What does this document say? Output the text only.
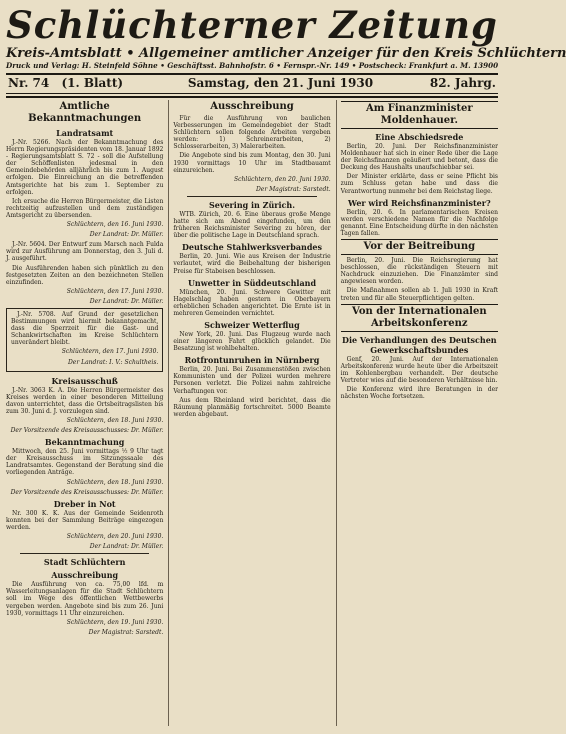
Schlüchterner Zeitung
Kreis-Amtsblatt • Allgemeiner amtlicher Anzeiger für den Kreis Schlüchtern
Druck und Verlag: H. Steinfeld Söhne • Geschäftsst. Bahnhofstr. 6 • Fernspr.-Nr. 149 • Postscheck: Frankfurt a. M. 13900
Nr. 74 (1. Blatt)	Samstag, den 21. Juni 1930	82. Jahrg.
Amtliche Bekanntmachungen
Landratsamt

J.-Nr. 5266. Nach der Bekanntmachung des Herrn Regierungspräsidenten vom 18. Januar 1892 - Regierungsamtsblatt S. 72 - soll die Aufstellung der Schöffenlisten jedesmal in den Gemeindebehörden alljährlich bis zum 1. August erfolgen. Die Einreichung an die betreffenden Amtsgerichte hat bis zum 1. September zu erfolgen.

Ich ersuche die Herren Bürgermeister, die Listen rechtzeitig aufzustellen und dem zuständigen Amtsgericht zu übersenden.

Schlüchtern, den 16. Juni 1930.
Der Landrat: Dr. Müller.

J.-Nr. 5604. Der Entwurf zum Marsch nach Fulda wird zur Ausführung am Donnerstag, den 3. Juli d. J. ausgeführt.

Die Ausführenden haben sich pünktlich zu den festgesetzten Zeiten an den bezeichneten Stellen einzufinden.

Schlüchtern, den 17. Juni 1930.
Der Landrat: Dr. Müller.

J.-Nr. 5708. Auf Grund der gesetzlichen Bestimmungen wird hiermit bekanntgemacht, dass die Sperrzeit für die Gast- und Schankwirtschaften im Kreise Schlüchtern unverändert bleibt.

Schlüchtern, den 17. Juni 1930.
Der Landrat: I. V.: Schultheis.
Kreisausschuß

J.-Nr. 3063 K. A. Die Herren Bürgermeister des Kreises werden in einer besonderen Mitteilung davon unterrichtet, dass die Ortsbeitragslisten bis zum 30. Juni d. J. vorzulegen sind.

Schlüchtern, den 18. Juni 1930.
Der Vorsitzende des Kreisausschusses: Dr. Müller.
Bekanntmachung

Mittwoch, den 25. Juni vormittags ½ 9 Uhr tagt der Kreisausschuss im Sitzungssaale des Landratsamtes. Gegenstand der Beratung sind die vorliegenden Anträge.

Schlüchtern, den 18. Juni 1930.
Der Vorsitzende des Kreisausschusses: Dr. Müller.
Dreber in Not

Nr. 300 K. K. Aus der Gemeinde Seidenroth konnten bei der Sammlung Beiträge eingezogen werden.

Schlüchtern, den 20. Juni 1930.
Der Landrat: Dr. Müller.
Stadt Schlüchtern
Ausschreibung

Die Ausführung von ca. 75,00 lfd. m Wasserleitungsanlagen für die Stadt Schlüchtern soll im Wege des öffentlichen Wettbewerbs vergeben werden. Angebote sind bis zum 26. Juni 1930, vormittags 11 Uhr einzureichen.

Schlüchtern, den 19. Juni 1930.
Der Magistrat: Sarstedt.
Ausschreibung

Für die Ausführung von baulichen Verbesserungen im Gemeindegebiet der Stadt Schlüchtern sollen folgende Arbeiten vergeben werden: 1) Schreinerarbeiten, 2) Schlosserarbeiten, 3) Malerarbeiten.

Die Angebote sind bis zum Montag, den 30. Juni 1930 vormittags 10 Uhr im Stadtbauamt einzureichen.

Schlüchtern, den 20. Juni 1930.
Der Magistrat: Sarstedt.
Severing in Zürich.

WTB. Zürich, 20. 6. Eine überaus große Menge hatte sich am Abend eingefunden, um den früheren Reichsminister Severing zu hören, der über die politische Lage in Deutschland sprach.

Deutsche Stahlwerksverbandes

Berlin, 20. Juni. Wie aus Kreisen der Industrie verlautet, wird die Beibehaltung der bisherigen Preise für Stabeisen beschlossen.

Unwetter in Süddeutschland

München, 20. Juni. Schwere Gewitter mit Hagelschlag haben gestern in Oberbayern erheblichen Schaden angerichtet. Die Ernte ist in mehreren Gemeinden vernichtet.

Schweizer Wetterflug

New York, 20. Juni. Das Flugzeug wurde nach einer längeren Fahrt glücklich gelandet. Die Besatzung ist wohlbehalten.

Rotfrontunruhen in Nürnberg

Berlin, 20. Juni. Bei Zusammenstößen zwischen Kommunisten und der Polizei wurden mehrere Personen verletzt. Die Polizei nahm zahlreiche Verhaftungen vor.

Aus dem Rheinland wird berichtet, dass die Räumung planmäßig fortschreitet. 5000 Beamte werden abgebaut.

Am Finanzminister Moldenhauer.
Eine Abschiedsrede

Berlin, 20. Juni. Der Reichsfinanzminister Moldenhauer hat sich in einer Rede über die Lage der Reichsfinanzen geäußert und betont, dass die Deckung des Haushalts unaufschiebbar sei.

Der Minister erklärte, dass er seine Pflicht bis zum Schluss getan habe und dass die Verantwortung nunmehr bei dem Reichstag liege.

Wer wird Reichsfinanzminister?

Berlin, 20. 6. In parlamentarischen Kreisen werden verschiedene Namen für die Nachfolge genannt. Eine Entscheidung dürfte in den nächsten Tagen fallen.

Vor der Beitreibung

Berlin, 20. Juni. Die Reichsregierung hat beschlossen, die rückständigen Steuern mit Nachdruck einzuziehen. Die Finanzämter sind angewiesen worden.

Die Maßnahmen sollen ab 1. Juli 1930 in Kraft treten und für alle Steuerpflichtigen gelten.

Von der Internationalen Arbeitskonferenz
Die Verhandlungen des Deutschen Gewerkschaftsbundes

Genf, 20. Juni. Auf der Internationalen Arbeitskonferenz wurde heute über die Arbeitszeit im Kohlenbergbau verhandelt. Der deutsche Vertreter wies auf die besonderen Verhältnisse hin.

Die Konferenz wird ihre Beratungen in der nächsten Woche fortsetzen.
